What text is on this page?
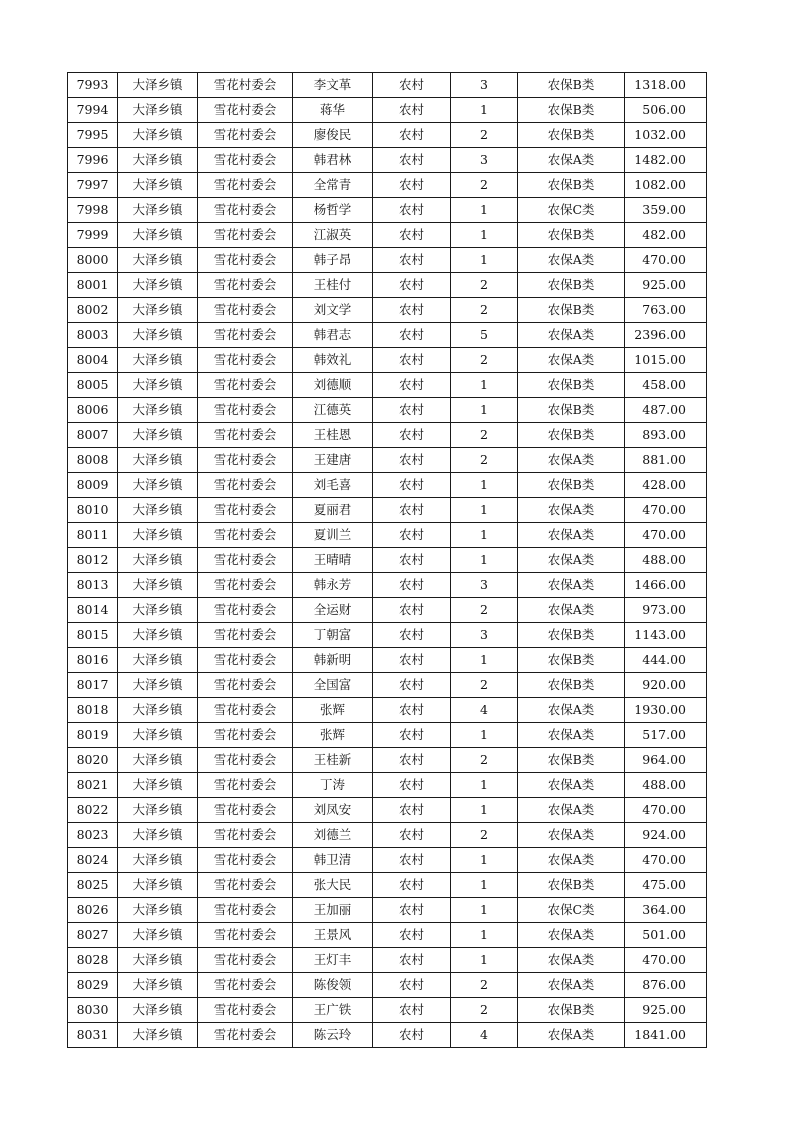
7993	大泽乡镇	雪花村委会	李文革	农村	3	农保B类	1318.00
7994	大泽乡镇	雪花村委会	蒋华	农村	1	农保B类	506.00
7995	大泽乡镇	雪花村委会	廖俊民	农村	2	农保B类	1032.00
7996	大泽乡镇	雪花村委会	韩君林	农村	3	农保A类	1482.00
7997	大泽乡镇	雪花村委会	全常青	农村	2	农保B类	1082.00
7998	大泽乡镇	雪花村委会	杨哲学	农村	1	农保C类	359.00
7999	大泽乡镇	雪花村委会	江淑英	农村	1	农保B类	482.00
8000	大泽乡镇	雪花村委会	韩子昂	农村	1	农保A类	470.00
8001	大泽乡镇	雪花村委会	王桂付	农村	2	农保B类	925.00
8002	大泽乡镇	雪花村委会	刘文学	农村	2	农保B类	763.00
8003	大泽乡镇	雪花村委会	韩君志	农村	5	农保A类	2396.00
8004	大泽乡镇	雪花村委会	韩效礼	农村	2	农保A类	1015.00
8005	大泽乡镇	雪花村委会	刘德顺	农村	1	农保B类	458.00
8006	大泽乡镇	雪花村委会	江德英	农村	1	农保B类	487.00
8007	大泽乡镇	雪花村委会	王桂恩	农村	2	农保B类	893.00
8008	大泽乡镇	雪花村委会	王建唐	农村	2	农保A类	881.00
8009	大泽乡镇	雪花村委会	刘毛喜	农村	1	农保B类	428.00
8010	大泽乡镇	雪花村委会	夏丽君	农村	1	农保A类	470.00
8011	大泽乡镇	雪花村委会	夏训兰	农村	1	农保A类	470.00
8012	大泽乡镇	雪花村委会	王晴晴	农村	1	农保A类	488.00
8013	大泽乡镇	雪花村委会	韩永芳	农村	3	农保A类	1466.00
8014	大泽乡镇	雪花村委会	全运财	农村	2	农保A类	973.00
8015	大泽乡镇	雪花村委会	丁朝富	农村	3	农保B类	1143.00
8016	大泽乡镇	雪花村委会	韩新明	农村	1	农保B类	444.00
8017	大泽乡镇	雪花村委会	全国富	农村	2	农保B类	920.00
8018	大泽乡镇	雪花村委会	张辉	农村	4	农保A类	1930.00
8019	大泽乡镇	雪花村委会	张辉	农村	1	农保A类	517.00
8020	大泽乡镇	雪花村委会	王桂新	农村	2	农保B类	964.00
8021	大泽乡镇	雪花村委会	丁涛	农村	1	农保A类	488.00
8022	大泽乡镇	雪花村委会	刘凤安	农村	1	农保A类	470.00
8023	大泽乡镇	雪花村委会	刘德兰	农村	2	农保A类	924.00
8024	大泽乡镇	雪花村委会	韩卫清	农村	1	农保A类	470.00
8025	大泽乡镇	雪花村委会	张大民	农村	1	农保B类	475.00
8026	大泽乡镇	雪花村委会	王加丽	农村	1	农保C类	364.00
8027	大泽乡镇	雪花村委会	王景风	农村	1	农保A类	501.00
8028	大泽乡镇	雪花村委会	王灯丰	农村	1	农保A类	470.00
8029	大泽乡镇	雪花村委会	陈俊领	农村	2	农保A类	876.00
8030	大泽乡镇	雪花村委会	王广铁	农村	2	农保B类	925.00
8031	大泽乡镇	雪花村委会	陈云玲	农村	4	农保A类	1841.00
